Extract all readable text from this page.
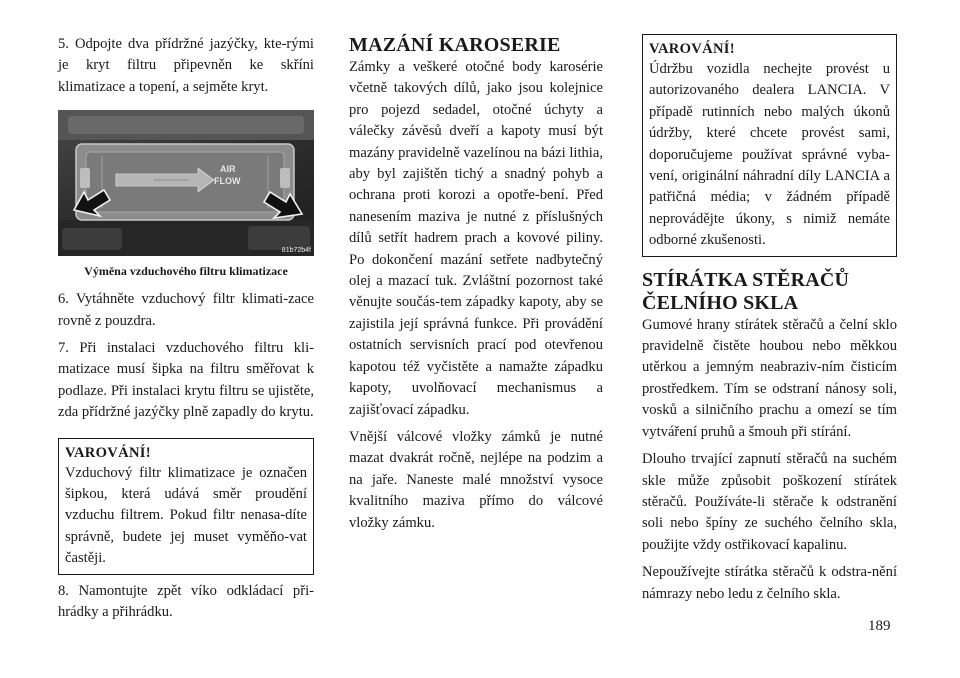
5. Odpojte dva přídržné jazýčky, kte-rými je kryt filtru připevněn ke skříni klimatizace a topení, a sejměte kryt.

AIR
FLOW
81b72b4f
Výměna vzduchového filtru klimatizace

6. Vytáhněte vzduchový filtr klimati-zace rovně z pouzdra.

7. Při instalaci vzduchového filtru kli-matizace musí šipka na filtru směřovat k podlaze. Při instalaci krytu filtru se ujistěte, zda přídržné jazýčky plně zapadly do krytu.

VAROVÁNÍ!

Vzduchový filtr klimatizace je označen šipkou, která udává směr proudění vzduchu filtrem. Pokud filtr nenasa-díte správně, budete jej muset vyměňo-vat častěji.

8. Namontujte zpět víko odkládací při-hrádky a přihrádku.

MAZÁNÍ KAROSERIE

Zámky a veškeré otočné body karosérie včetně takových dílů, jako jsou kolejnice pro pojezd sedadel, otočné úchyty a válečky závěsů dveří a kapoty musí být mazány pravidelně vazelínou na bázi lithia, aby byl zajištěn tichý a snadný pohyb a ochrana proti korozi a opotře-bení. Před nanesením maziva je nutné z příslušných dílů setřít hadrem prach a kovové piliny. Po dokončení mazání setřete nadbytečný olej a mazací tuk. Zvláštní pozornost také věnujte součás-tem západky kapoty, aby se zajistila její správná funkce. Při provádění ostatních servisních prací pod otevřenou kapotou též vyčistěte a namažte západku kapoty, uvolňovací mechanismus a zajišťovací západku.

Vnější válcové vložky zámků je nutné mazat dvakrát ročně, nejlépe na podzim a na jaře. Naneste malé množství vysoce kvalitního maziva přímo do válcové vložky zámku.

VAROVÁNÍ!

Údržbu vozidla nechejte provést u autorizovaného dealera LANCIA. V případě rutinních nebo malých úkonů údržby, které chcete provést sami, doporučujeme používat správné vyba-vení, originální náhradní díly LANCIA a patřičná média; v žádném případě neprovádějte úkony, s nimiž nemáte odborné zkušenosti.

STÍRÁTKA STĚRAČŮ ČELNÍHO SKLA

Gumové hrany stírátek stěračů a čelní sklo pravidelně čistěte houbou nebo měkkou utěrkou a jemným neabraziv-ním čisticím prostředkem. Tím se odstraní nánosy soli, vosků a silničního prachu a omezí se tím vytváření pruhů a šmouh při stírání.

Dlouho trvající zapnutí stěračů na suchém skle může způsobit poškození stírátek stěračů. Používáte-li stěrače k odstranění soli nebo špíny ze suchého čelního skla, použijte vždy ostřikovací kapalinu.

Nepoužívejte stírátka stěračů k odstra-nění námrazy nebo ledu z čelního skla.

189
